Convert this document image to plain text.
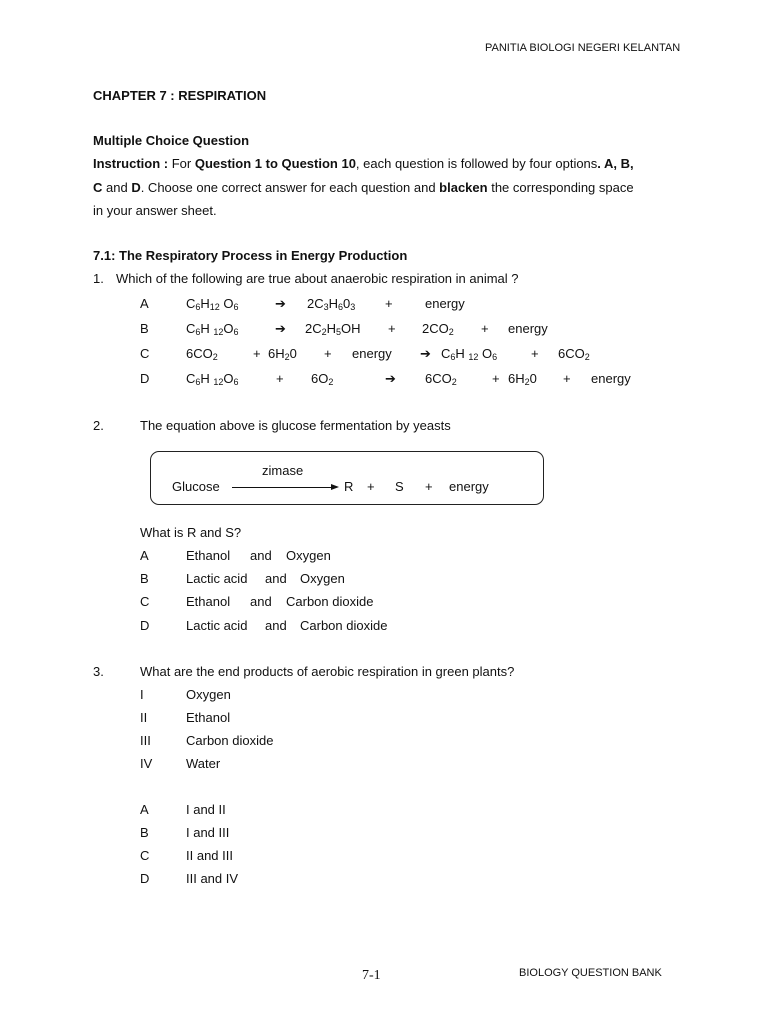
PANITIA BIOLOGI NEGERI KELANTAN
CHAPTER 7 : RESPIRATION
Multiple Choice Question
Instruction : For Question 1 to Question 10, each question is followed by four options. A, B,
C and D. Choose one correct answer for each question and blacken the corresponding space
in your answer sheet.
7.1: The Respiratory Process in Energy Production
1. Which of the following are true about anaerobic respiration in animal ?
A	$C_6H_{12}$ $O_6$	➔ $2C_3H_60_3$ + energy
B	$C_6H$ $_{12}O_6$	➔ $2C_2H_5OH + 2CO_2$ + energy
C	$6CO_2$	+ $6H_20$ + energy ➔ $C_6H$ $_{12}$ $O_6$	+ $6CO_2$
D	$C_6H$ $_{12}O_6$	+ $6O_2$	➔ $6CO_2$	+ $6H_20$ + energy
2.	The equation above is glucose fermentation by yeasts
zimase
Glucose	R + S + energy
What is R and S?
A	Ethanol and Oxygen
B	Lactic acid and Oxygen
C	Ethanol and Carbon dioxide
D	Lactic acid and Carbon dioxide
3.	What are the end products of aerobic respiration in green plants?
I	Oxygen
II	Ethanol
III	Carbon dioxide
IV	Water
A	I and II
B	I and III
C	II and III
D	III and IV
7-1	BIOLOGY QUESTION BANK
